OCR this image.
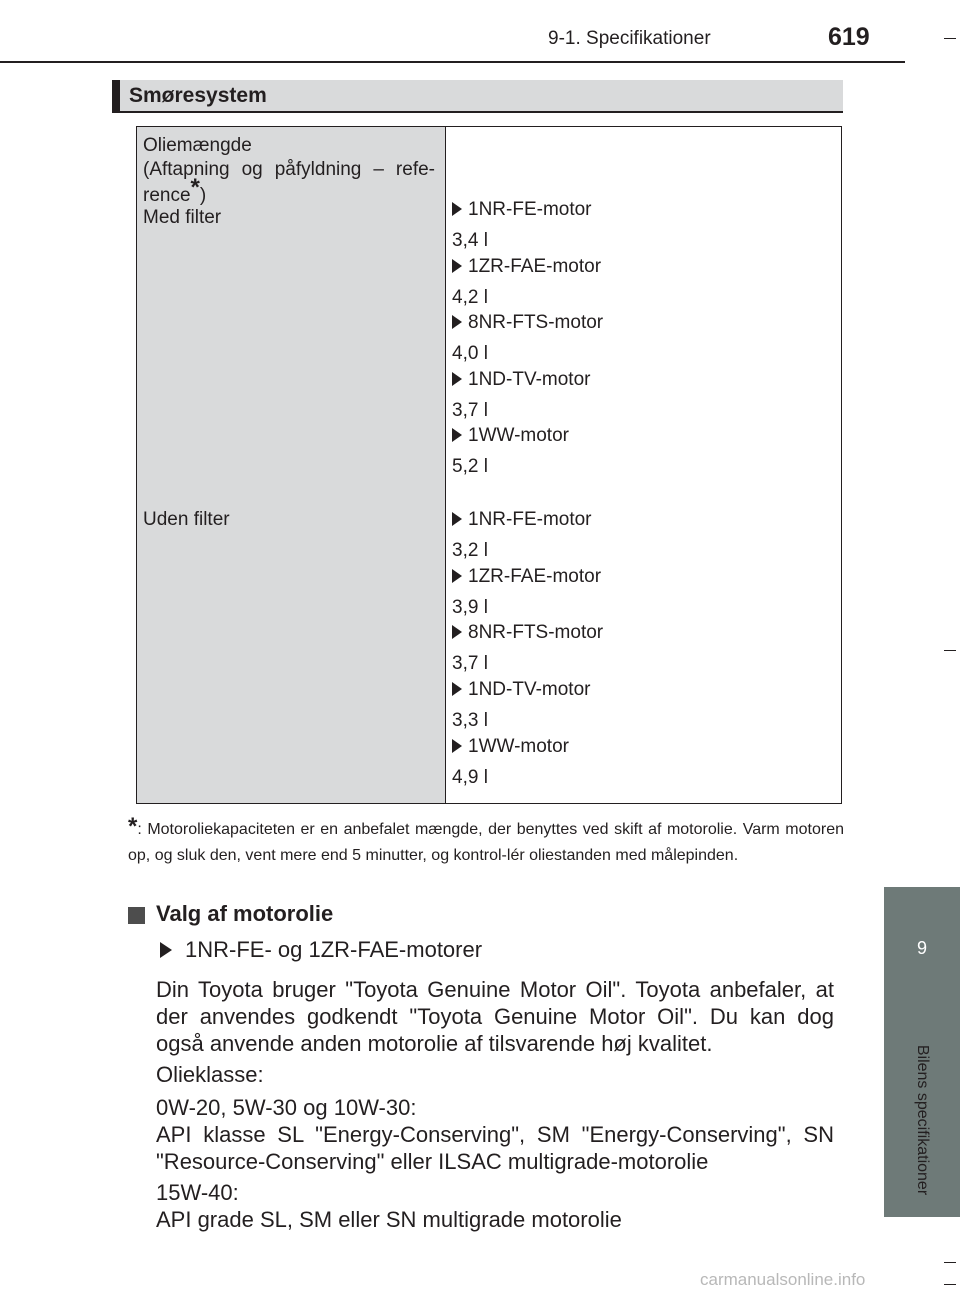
9-1. Specifikationer	619
Smøresystem
Oliemængde
(Aftapning og påfyldning – refe-
rence*)
Med filter
Uden filter
1NR-FE-motor
3,4 l
1ZR-FAE-motor
4,2 l
8NR-FTS-motor
4,0 l
1ND-TV-motor
3,7 l
1WW-motor
5,2 l
1NR-FE-motor
3,2 l
1ZR-FAE-motor
3,9 l
8NR-FTS-motor
3,7 l
1ND-TV-motor
3,3 l
1WW-motor
4,9 l
*: Motoroliekapaciteten er en anbefalet mængde, der benyttes ved skift af motorolie. Varm motoren op, og sluk den, vent mere end 5 minutter, og kontrol-lér oliestanden med målepinden.
9
Bilens specifikationer
Valg af motorolie
1NR-FE- og 1ZR-FAE-motorer
Din Toyota bruger "Toyota Genuine Motor Oil". Toyota anbefaler, at der anvendes godkendt "Toyota Genuine Motor Oil". Du kan dog også anvende anden motorolie af tilsvarende høj kvalitet.
Olieklasse:
0W-20, 5W-30 og 10W-30:
API klasse SL "Energy-Conserving", SM "Energy-Conserving", SN "Resource-Conserving" eller ILSAC multigrade-motorolie
15W-40:
API grade SL, SM eller SN multigrade motorolie
carmanualsonline.info
